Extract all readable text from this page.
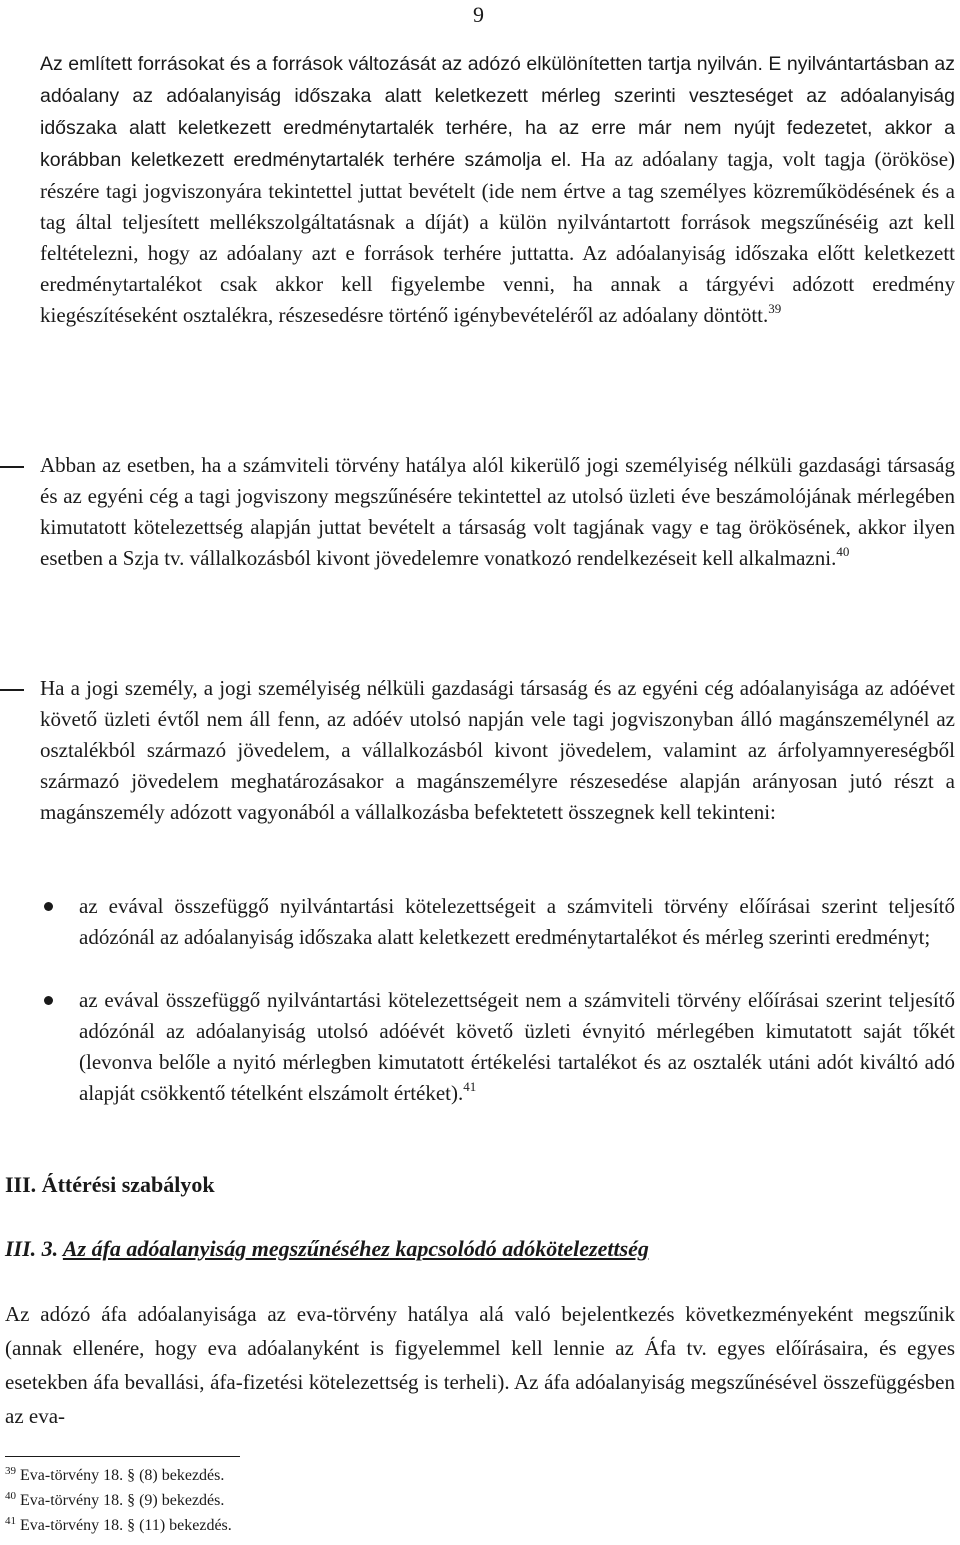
9

Az említett forrásokat és a források változását az adózó elkülönítetten tartja nyilván. E nyilvántartásban az adóalany az adóalanyiság időszaka alatt keletkezett mérleg szerinti veszteséget az adóalanyiság időszaka alatt keletkezett eredménytartalék terhére, ha az erre már nem nyújt fedezetet, akkor a korábban keletkezett eredménytartalék terhére számolja el. Ha az adóalany tagja, volt tagja (örököse) részére tagi jogviszonyára tekintettel juttat bevételt (ide nem értve a tag személyes közreműködésének és a tag által teljesített mellékszolgáltatásnak a díját) a külön nyilvántartott források megszűnéséig azt kell feltételezni, hogy az adóalany azt e források terhére juttatta. Az adóalanyiság időszaka előtt keletkezett eredménytartalékot csak akkor kell figyelembe venni, ha annak a tárgyévi adózott eredmény kiegészítéseként osztalékra, részesedésre történő igénybevételéről az adóalany döntött.$^{39}$

Abban az esetben, ha a számviteli törvény hatálya alól kikerülő jogi személyiség nélküli gazdasági társaság és az egyéni cég a tagi jogviszony megszűnésére tekintettel az utolsó üzleti éve beszámolójának mérlegében kimutatott kötelezettség alapján juttat bevételt a társaság volt tagjának vagy e tag örökösének, akkor ilyen esetben a Szja tv. vállalkozásból kivont jövedelemre vonatkozó rendelkezéseit kell alkalmazni.$^{40}$

Ha a jogi személy, a jogi személyiség nélküli gazdasági társaság és az egyéni cég adóalanyisága az adóévet követő üzleti évtől nem áll fenn, az adóév utolsó napján vele tagi jogviszonyban álló magánszemélynél az osztalékból származó jövedelem, a vállalkozásból kivont jövedelem, valamint az árfolyamnyereségből származó jövedelem meghatározásakor a magánszemélyre részesedése alapján arányosan jutó részt a magánszemély adózott vagyonából a vállalkozásba befektetett összegnek kell tekinteni:

az evával összefüggő nyilvántartási kötelezettségeit a számviteli törvény előírásai szerint teljesítő adózónál az adóalanyiság időszaka alatt keletkezett eredménytartalékot és mérleg szerinti eredményt;

az evával összefüggő nyilvántartási kötelezettségeit nem a számviteli törvény előírásai szerint teljesítő adózónál az adóalanyiság utolsó adóévét követő üzleti évnyitó mérlegében kimutatott saját tőkét (levonva belőle a nyitó mérlegben kimutatott értékelési tartalékot és az osztalék utáni adót kiváltó adó alapját csökkentő tételként elszámolt értéket).$^{41}$

III. Áttérési szabályok
III. 3. Az áfa adóalanyiság megszűnéséhez kapcsolódó adókötelezettség

Az adózó áfa adóalanyisága az eva-törvény hatálya alá való bejelentkezés következményeként megszűnik (annak ellenére, hogy eva adóalanyként is figyelemmel kell lennie az Áfa tv. egyes előírásaira, és egyes esetekben áfa bevallási, áfa-fizetési kötelezettség is terheli). Az áfa adóalanyiság megszűnésével összefüggésben az eva-

$^{39}$ Eva-törvény 18. § (8) bekezdés.
$^{40}$ Eva-törvény 18. § (9) bekezdés.
$^{41}$ Eva-törvény 18. § (11) bekezdés.
